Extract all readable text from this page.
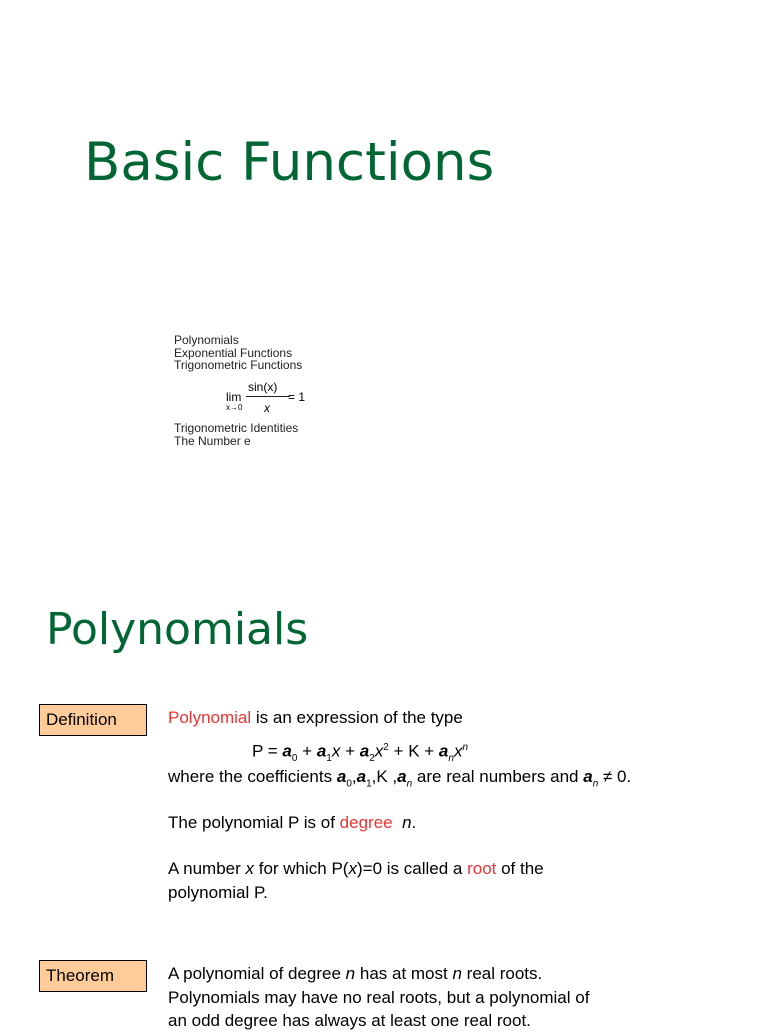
Basic Functions
Polynomials
Exponential Functions
Trigonometric Functions
lim
x→0
sin(x)
x
= 1
Trigonometric Identities
The Number e
Polynomials
Definition	Polynomial is an expression of the type
$P = a_0 + a_1x + a_2x^2 + K + a_nx^n$
where the coefficients $a_0,a_1,K$ $,a_n$ are real numbers and $a_n \ne 0$.
The polynomial P is of degree n.
A number x for which P(x)=0 is called a root of the
polynomial P.
Theorem	A polynomial of degree n has at most n real roots.
Polynomials may have no real roots, but a polynomial of
an odd degree has always at least one real root.
